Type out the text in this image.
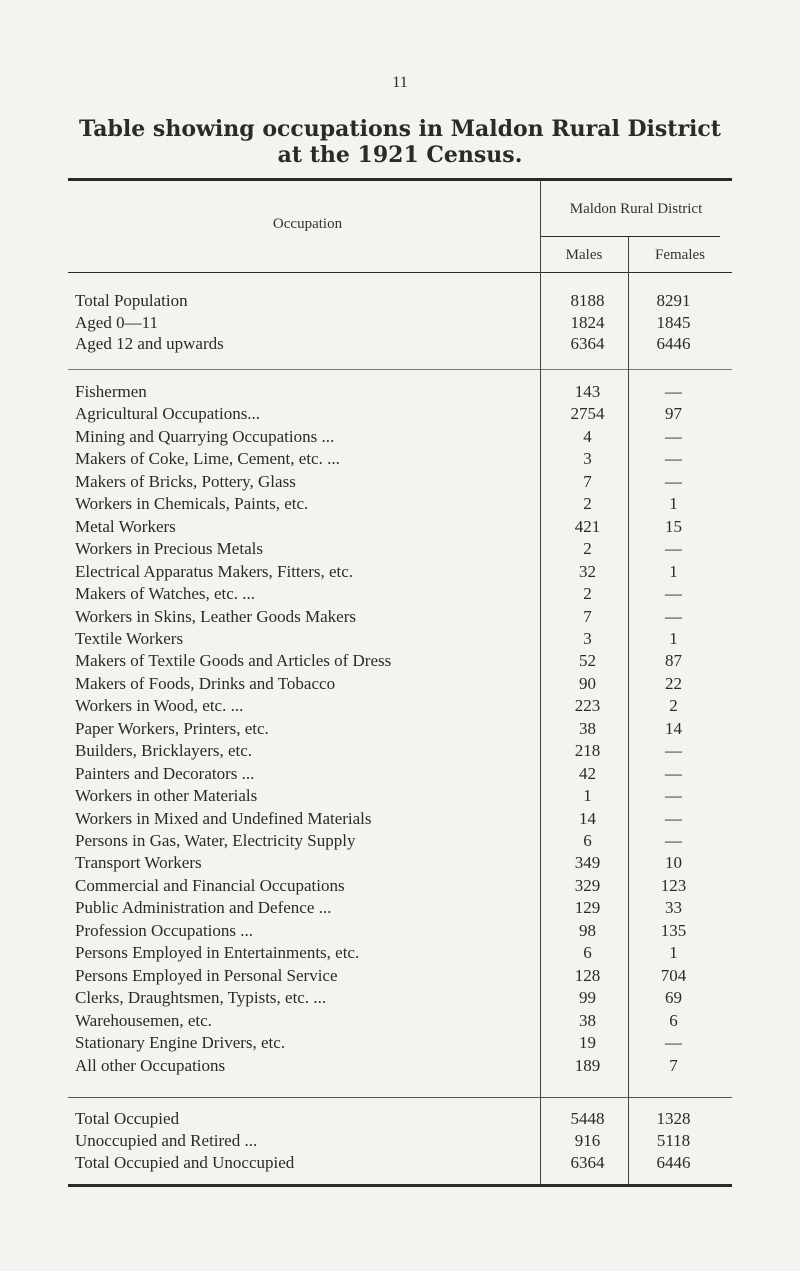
11
Table showing occupations in Maldon Rural District
at the 1921 Census.
Occupation
Maldon Rural District
Males	Females
Total Population	8188	8291
Aged 0—11	1824	1845
Aged 12 and upwards	6364	6446
Fishermen	143	—
Agricultural Occupations...	2754	97
Mining and Quarrying Occupations ...	4	—
Makers of Coke, Lime, Cement, etc. ...	3	—
Makers of Bricks, Pottery, Glass	7	—
Workers in Chemicals, Paints, etc.	2	1
Metal Workers	421	15
Workers in Precious Metals	2	—
Electrical Apparatus Makers, Fitters, etc.	32	1
Makers of Watches, etc. ...	2	—
Workers in Skins, Leather Goods Makers	7	—
Textile Workers	3	1
Makers of Textile Goods and Articles of Dress	52	87
Makers of Foods, Drinks and Tobacco	90	22
Workers in Wood, etc. ...	223	2
Paper Workers, Printers, etc.	38	14
Builders, Bricklayers, etc.	218	—
Painters and Decorators ...	42	—
Workers in other Materials	1	—
Workers in Mixed and Undefined Materials	14	—
Persons in Gas, Water, Electricity Supply	6	—
Transport Workers	349	10
Commercial and Financial Occupations	329	123
Public Administration and Defence ...	129	33
Profession Occupations ...	98	135
Persons Employed in Entertainments, etc.	6	1
Persons Employed in Personal Service	128	704
Clerks, Draughtsmen, Typists, etc. ...	99	69
Warehousemen, etc.	38	6
Stationary Engine Drivers, etc.	19	—
All other Occupations	189	7
Total Occupied	5448	1328
Unoccupied and Retired ...	916	5118
Total Occupied and Unoccupied	6364	6446
